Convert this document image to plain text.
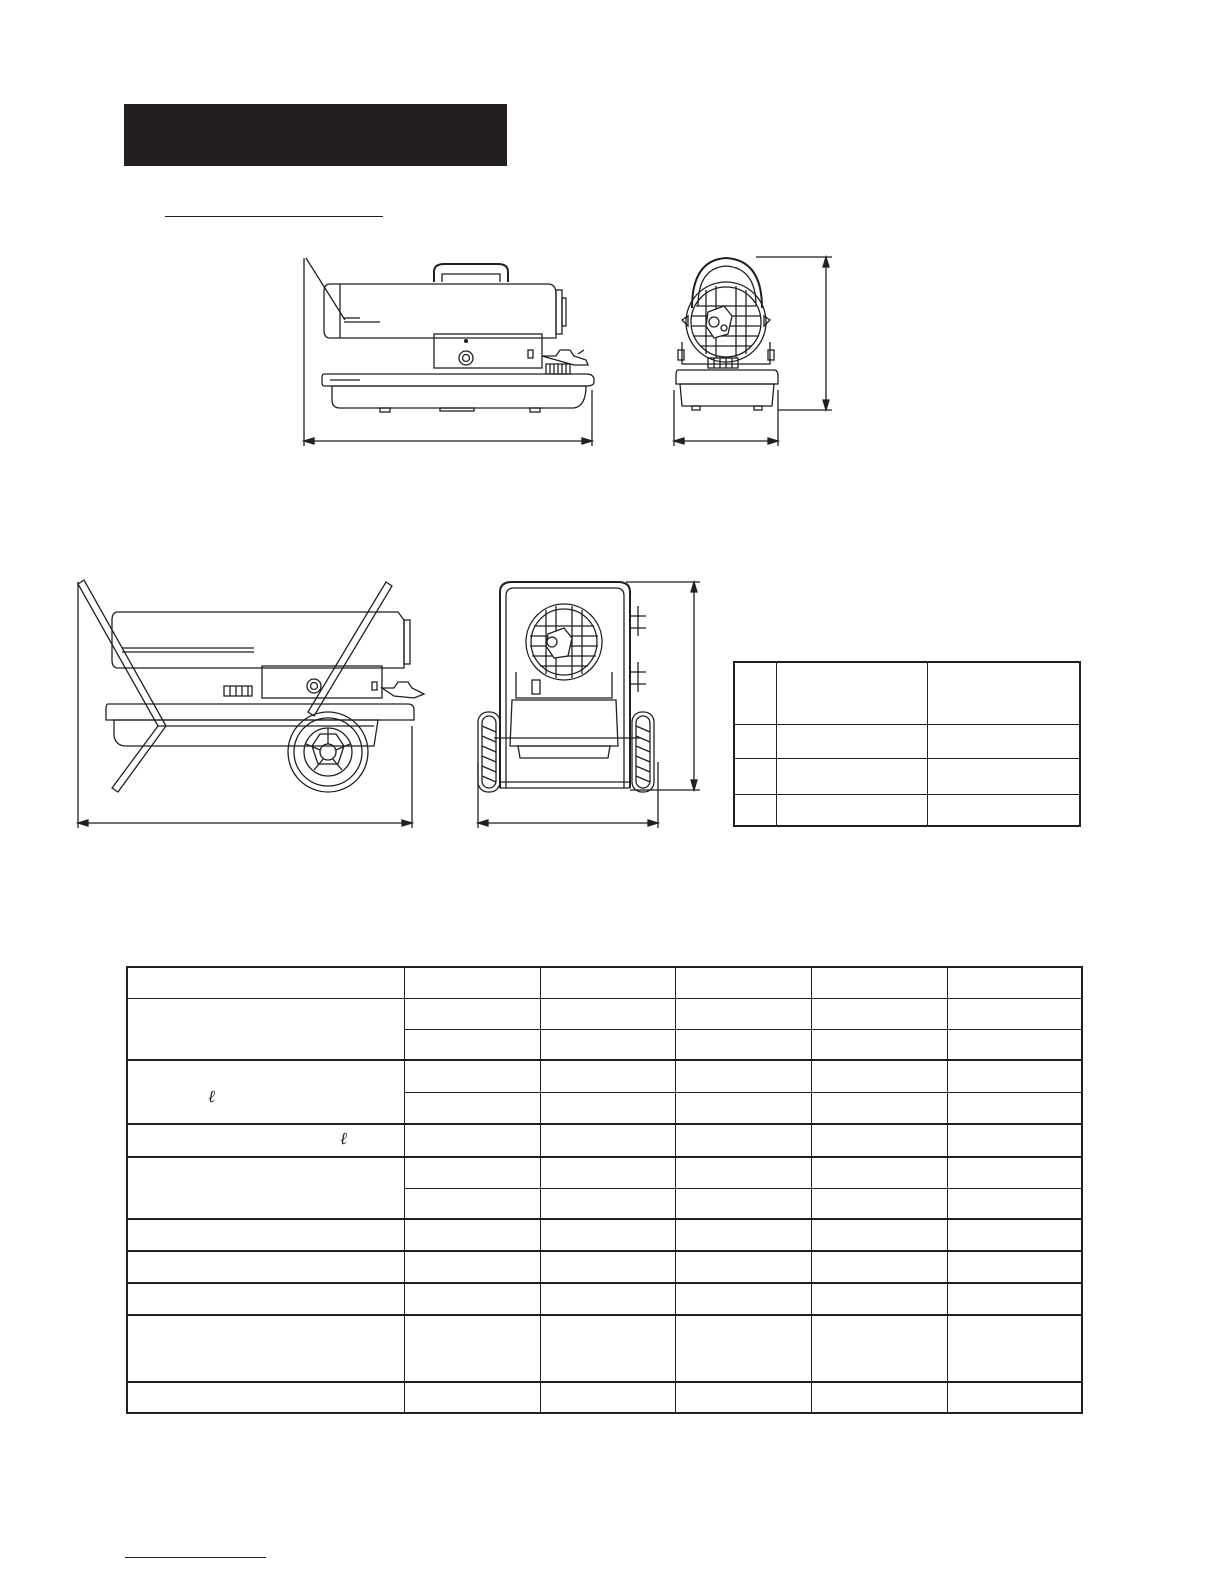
ℓ					

ℓ					
